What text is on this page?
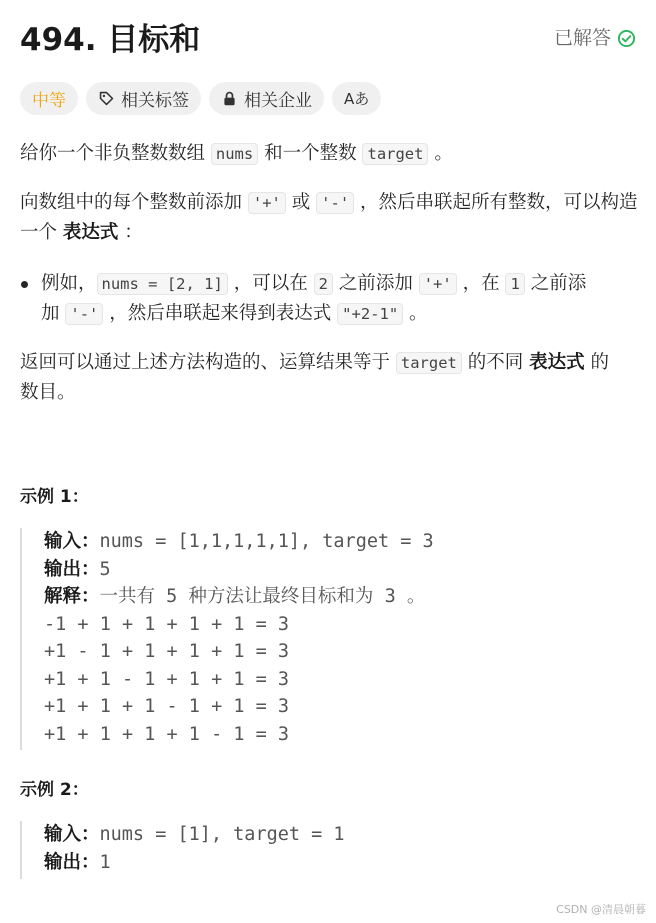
494. 目标和	已解答
中等	相关标签	相关企业 Aあ
给你一个非负整数数组 nums 和一个整数 target 。
向数组中的每个整数前添加 '+' 或 '-' ，然后串联起所有整数，可以构造一个 表达式 ：
例如， nums = [2, 1] ，可以在 2 之前添加 '+' ，在 1 之前添
加 '-' ，然后串联起来得到表达式 "+2-1" 。
返回可以通过上述方法构造的、运算结果等于 target 的不同 表达式 的
数目。
示例 1：
输入：nums = [1,1,1,1,1], target = 3
输出：5
解释：一共有 5 种方法让最终目标和为 3 。
-1 + 1 + 1 + 1 + 1 = 3
+1 - 1 + 1 + 1 + 1 = 3
+1 + 1 - 1 + 1 + 1 = 3
+1 + 1 + 1 - 1 + 1 = 3
+1 + 1 + 1 + 1 - 1 = 3
示例 2：
输入：nums = [1], target = 1
输出：1
CSDN @清晨朝暮
